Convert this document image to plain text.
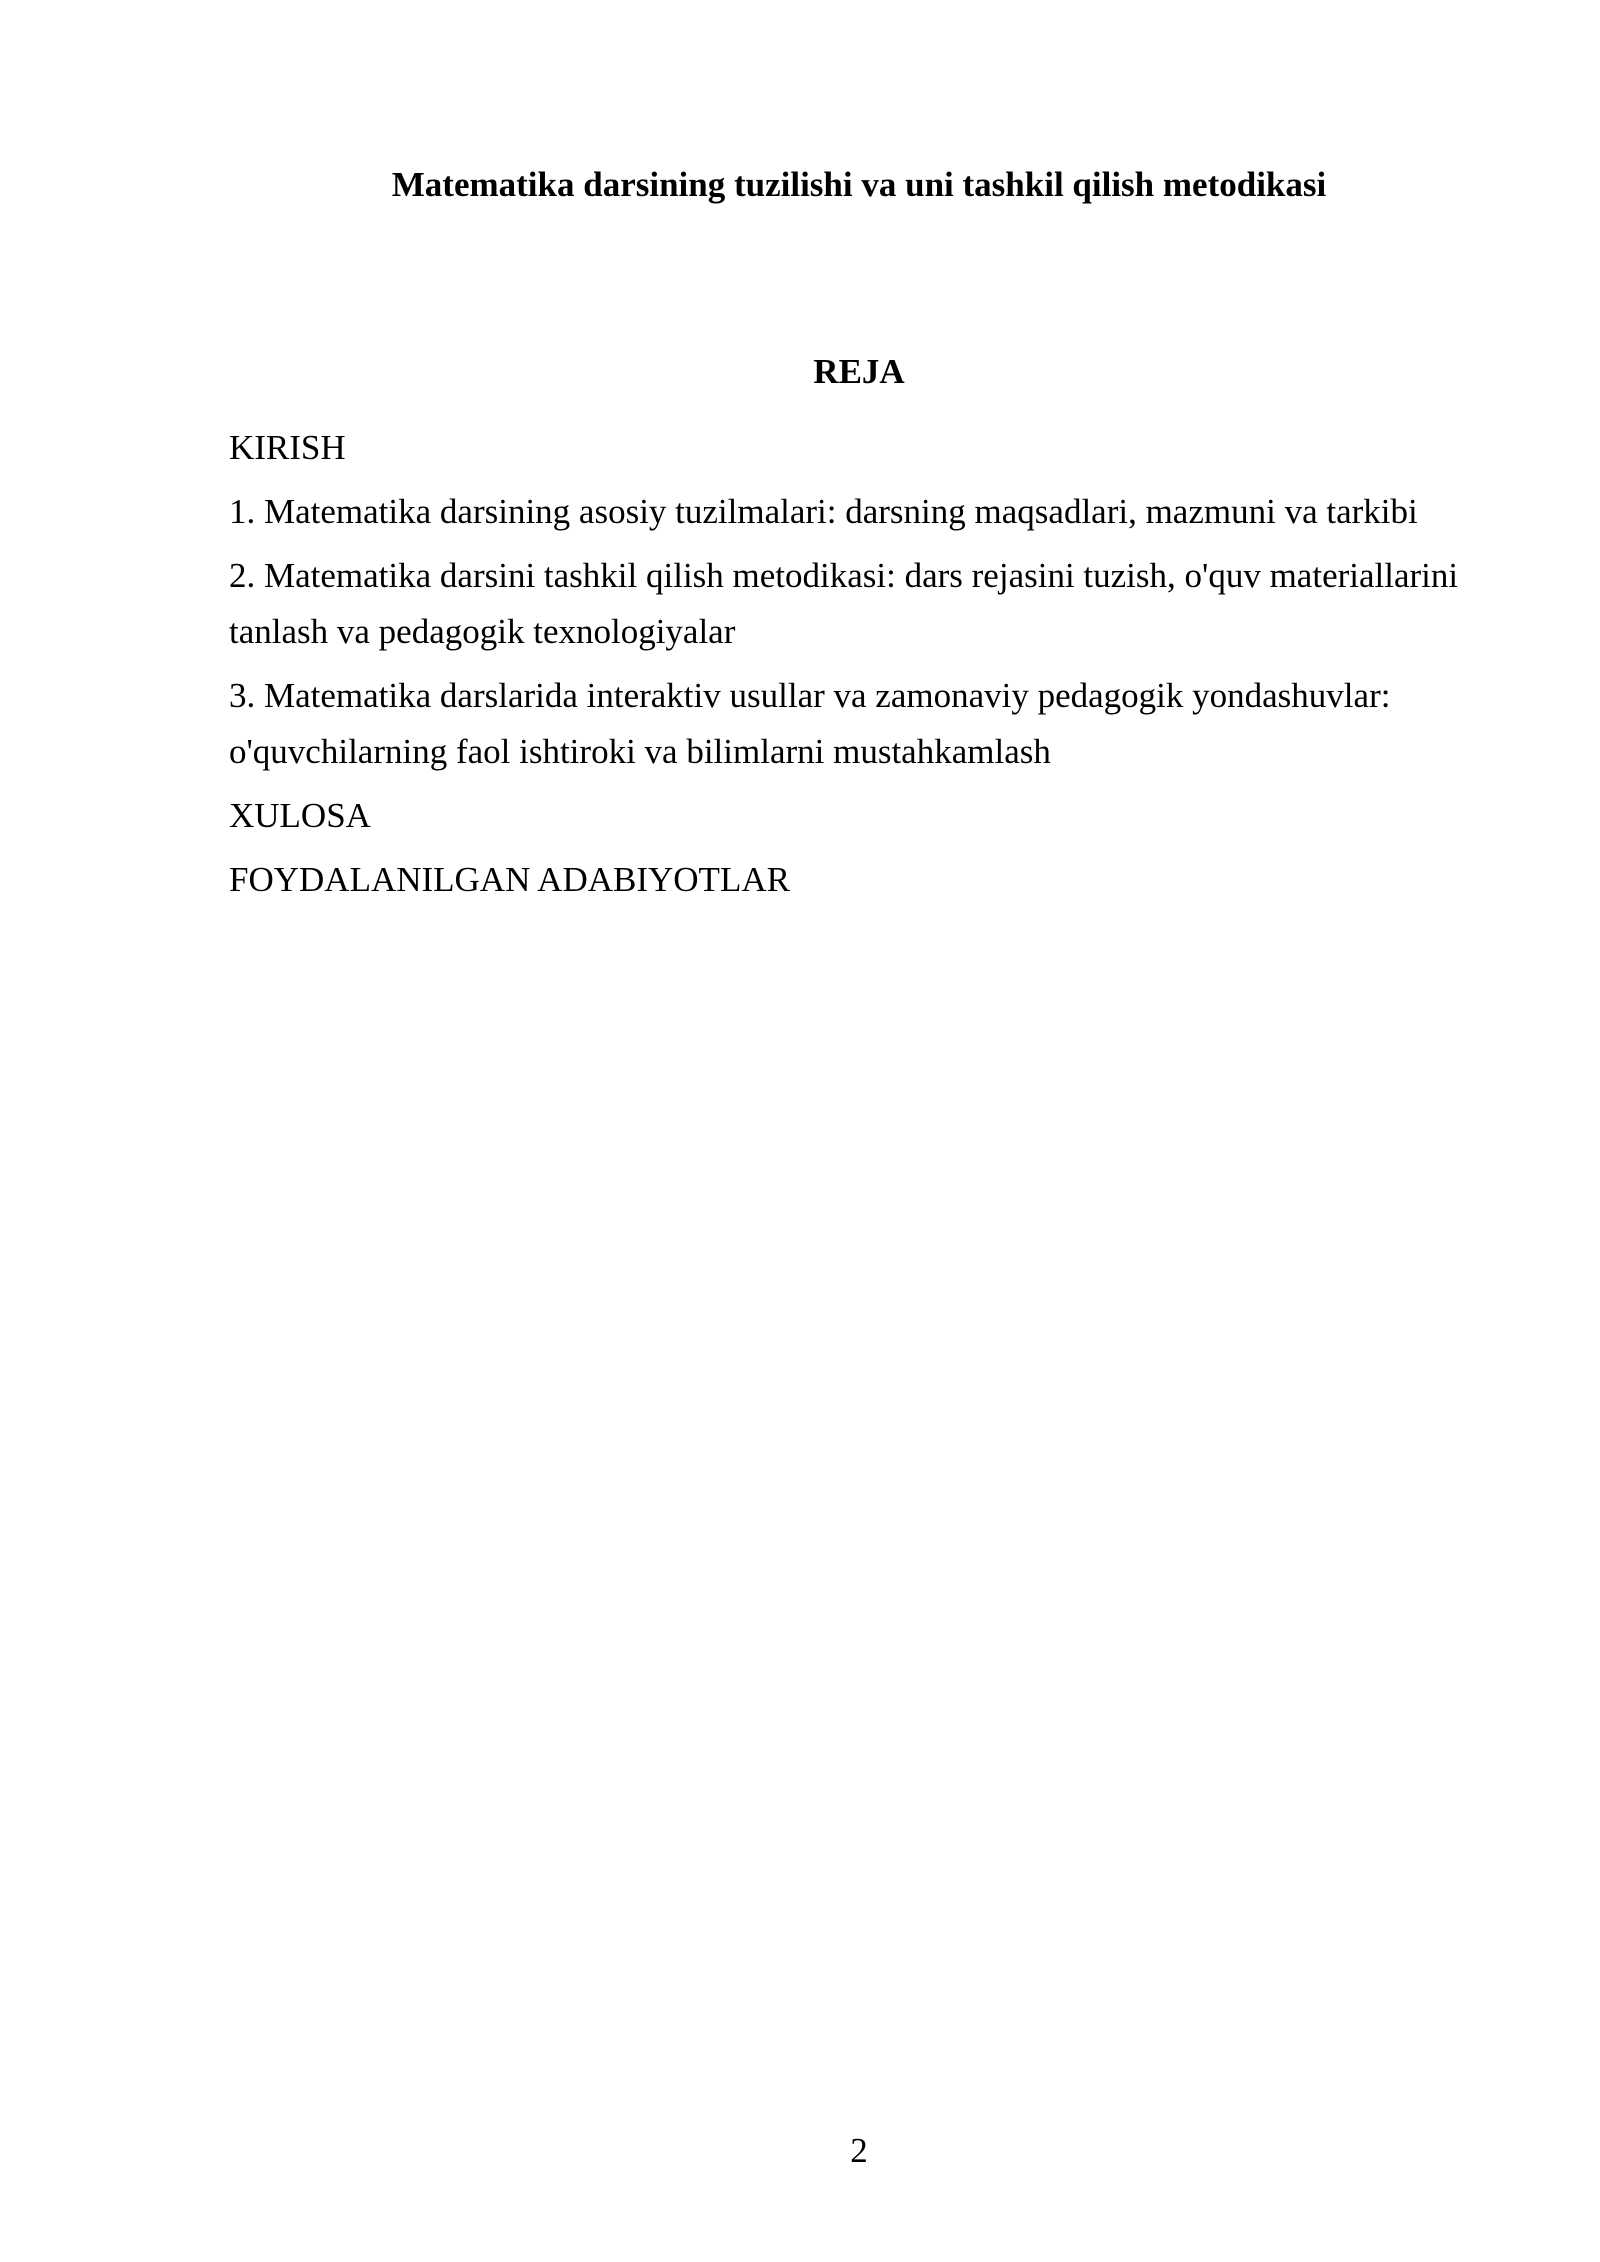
Matematika darsining tuzilishi va uni tashkil qilish metodikasi
REJA
KIRISH
1. Matematika darsining asosiy tuzilmalari: darsning maqsadlari, mazmuni va tarkibi
2. Matematika darsini tashkil qilish metodikasi: dars rejasini tuzish, o'quv materiallarini tanlash va pedagogik texnologiyalar
3. Matematika darslarida interaktiv usullar va zamonaviy pedagogik yondashuvlar: o'quvchilarning faol ishtiroki va bilimlarni mustahkamlash
XULOSA
FOYDALANILGAN ADABIYOTLAR

2
